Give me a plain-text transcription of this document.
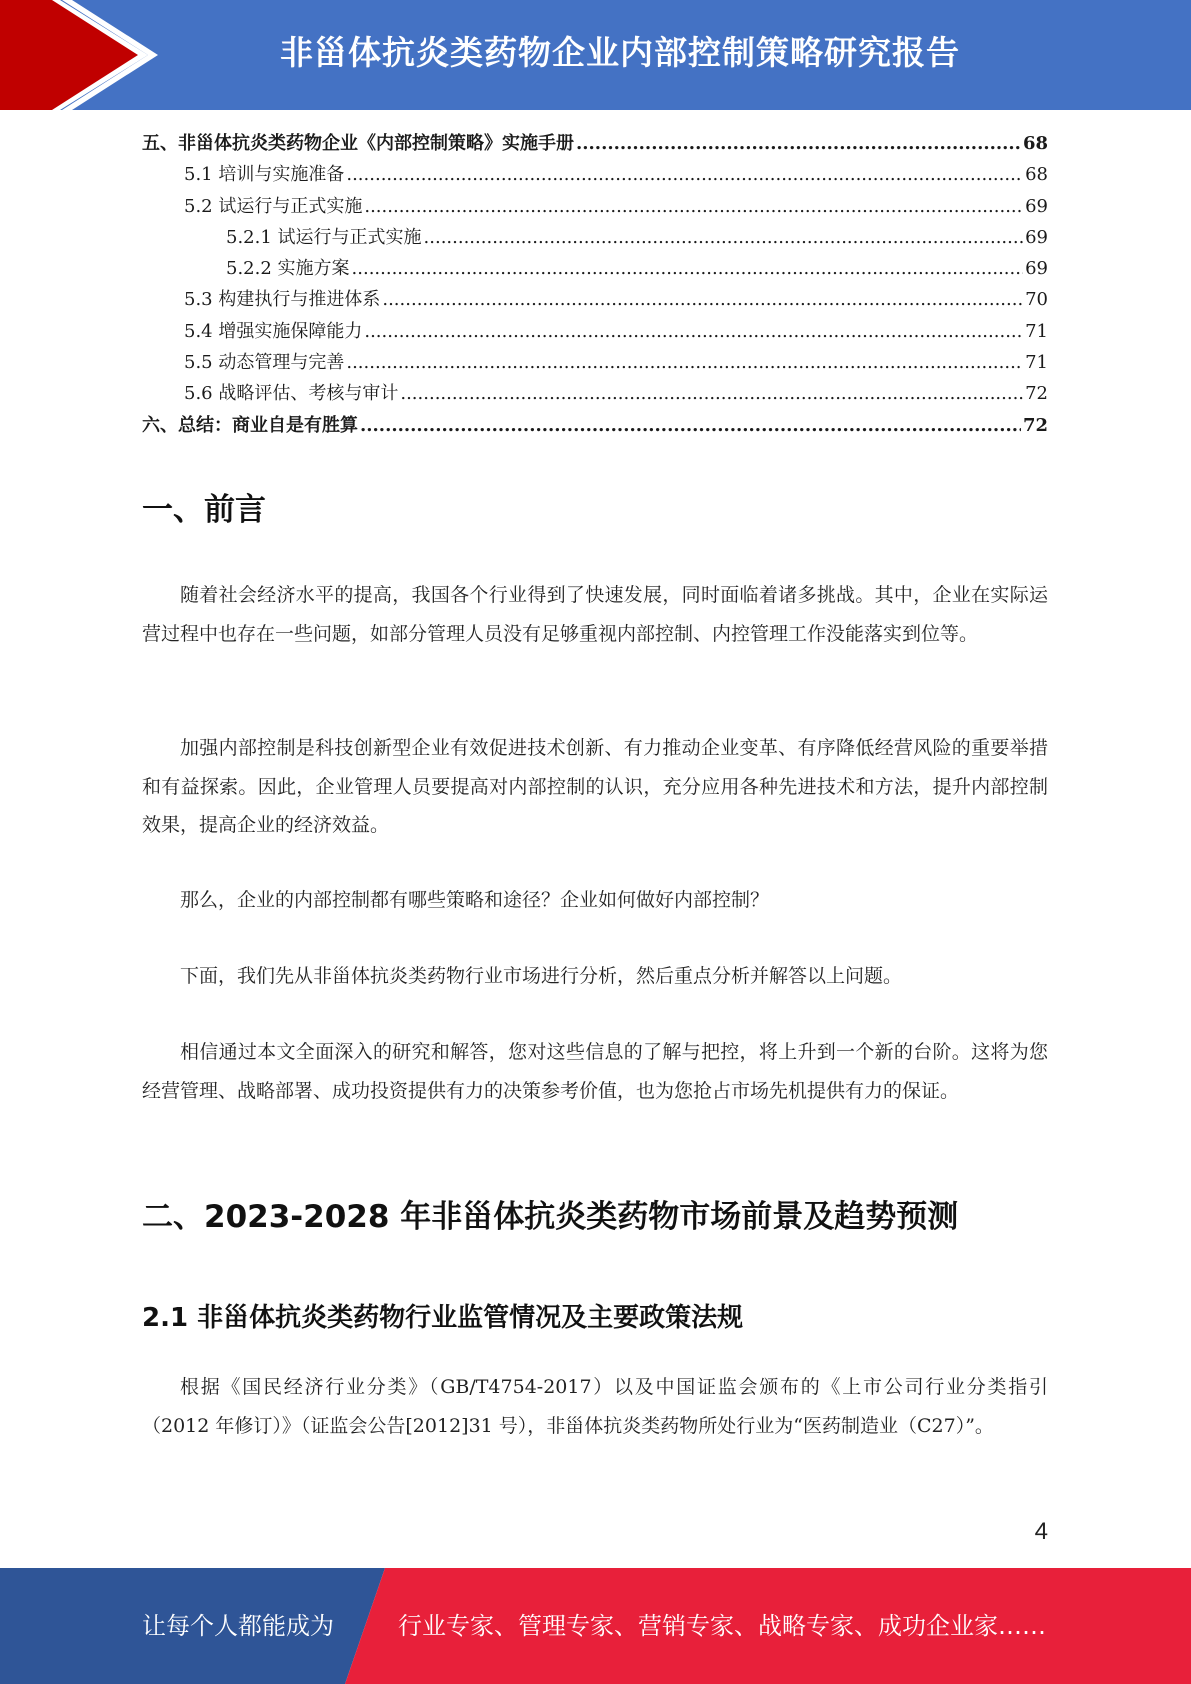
非甾体抗炎类药物企业内部控制策略研究报告
五、非甾体抗炎类药物企业《内部控制策略》实施手册 .....	68
5.1 培训与实施准备 .....	68
5.2 试运行与正式实施 .....	69
5.2.1 试运行与正式实施 .....	69
5.2.2 实施方案 .....	69
5.3 构建执行与推进体系 .....	70
5.4 增强实施保障能力 .....	71
5.5 动态管理与完善 .....	71
5.6 战略评估、考核与审计 .....	72
六、总结：商业自是有胜算 .....	72
一、前言

随着社会经济水平的提高，我国各个行业得到了快速发展，同时面临着诸多挑战。其中，企业在实际运营过程中也存在一些问题，如部分管理人员没有足够重视内部控制、内控管理工作没能落实到位等。

加强内部控制是科技创新型企业有效促进技术创新、有力推动企业变革、有序降低经营风险的重要举措和有益探索。因此，企业管理人员要提高对内部控制的认识，充分应用各种先进技术和方法，提升内部控制效果，提高企业的经济效益。

那么，企业的内部控制都有哪些策略和途径？企业如何做好内部控制？

下面，我们先从非甾体抗炎类药物行业市场进行分析，然后重点分析并解答以上问题。

相信通过本文全面深入的研究和解答，您对这些信息的了解与把控，将上升到一个新的台阶。这将为您经营管理、战略部署、成功投资提供有力的决策参考价值，也为您抢占市场先机提供有力的保证。

二、2023-2028 年非甾体抗炎类药物市场前景及趋势预测
2.1 非甾体抗炎类药物行业监管情况及主要政策法规

根据《国民经济行业分类》（GB/T4754-2017）以及中国证监会颁布的《上市公司行业分类指引（2012 年修订）》（证监会公告[2012]31 号），非甾体抗炎类药物所处行业为“医药制造业（C27）”。

4
让每个人都能成为	行业专家、管理专家、营销专家、战略专家、成功企业家……
